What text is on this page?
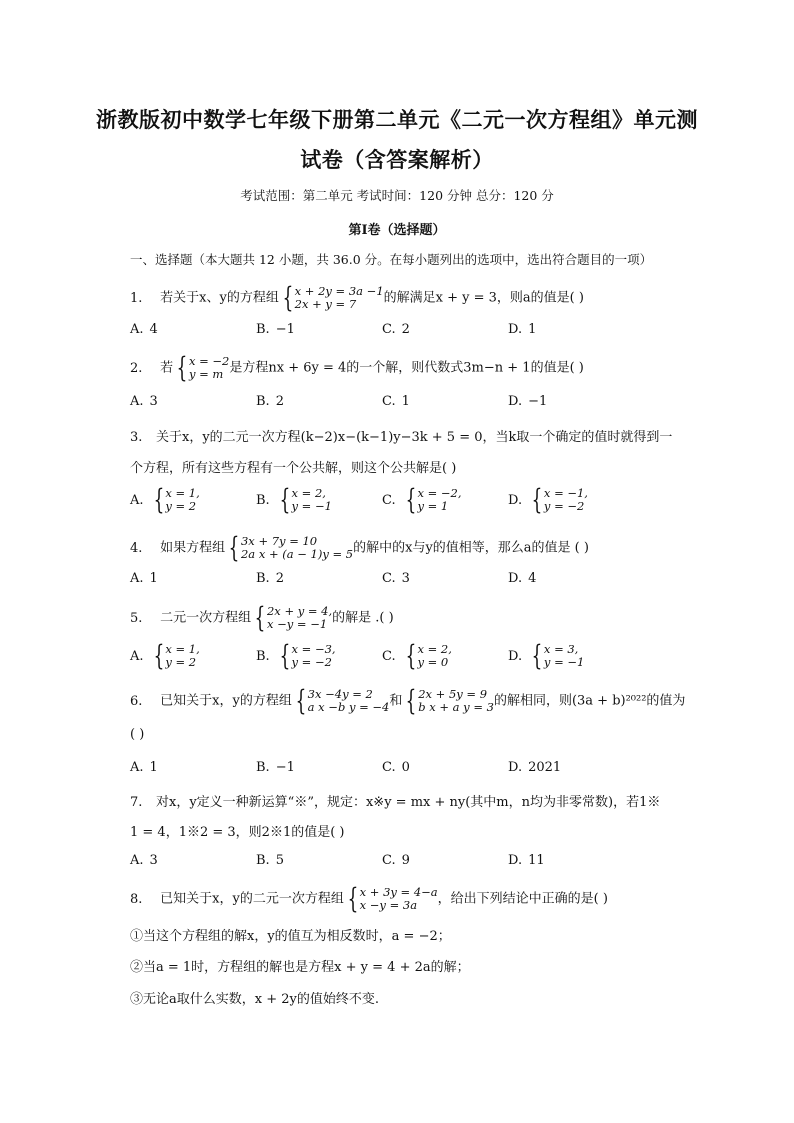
浙教版初中数学七年级下册第二单元《二元一次方程组》单元测
试卷（含答案解析）
考试范围：第二单元 考试时间：120 分钟 总分：120 分
第Ⅰ卷（选择题）
一、选择题（本大题共 12 小题，共 36.0 分。在每小题列出的选项中，选出符合题目的一项）
1. 若关于x、y的方程组 { x + 2y = 3a −1
2x + y = 7	的解满足x + y = 3，则a的值是( )
A. 4	B. −1	C. 2	D. 1
2. 若 { x = −2
y = m 是方程nx + 6y = 4的一个解，则代数式3m−n + 1的值是( )
A. 3	B. 2	C. 1	D. −1
3. 关于x，y的二元一次方程(k−2)x−(k−1)y−3k + 5 = 0，当k取一个确定的值时就得到一
个方程，所有这些方程有一个公共解，则这个公共解是( )
A. { x = 1,
y = 2	B. { x = 2,
y = −1	C. { x = −2,
y = 1	D. { x = −1,
y = −2
4. 如果方程组 { 3x + 7y = 10
2a x + (a − 1)y = 5 的解中的x与y的值相等，那么a的值是 ( )
A. 1	B. 2	C. 3	D. 4
5. 二元一次方程组 { 2x + y = 4,
x −y = −1 的解是 .( )
A. { x = 1,
y = 2	B. { x = −3,
y = −2	C. { x = 2,
y = 0	D. { x = 3,
y = −1
6. 已知关于x，y的方程组 { 3x −4y = 2
a x −b y = −4 和 { 2x + 5y = 9
b x + a y = 3 的解相同，则(3a + b)²⁰²²的值为
( )
A. 1	B. −1	C. 0	D. 2021
7. 对x，y定义一种新运算“※”，规定：x※y = mx + ny(其中m，n均为非零常数)，若1※
1 = 4，1※2 = 3，则2※1的值是( )
A. 3	B. 5	C. 9	D. 11
8. 已知关于x，y的二元一次方程组 { x + 3y = 4−a
x −y = 3a	，给出下列结论中正确的是( )
①当这个方程组的解x，y的值互为相反数时，a = −2；
②当a = 1时，方程组的解也是方程x + y = 4 + 2a的解；
③无论a取什么实数，x + 2y的值始终不变.
